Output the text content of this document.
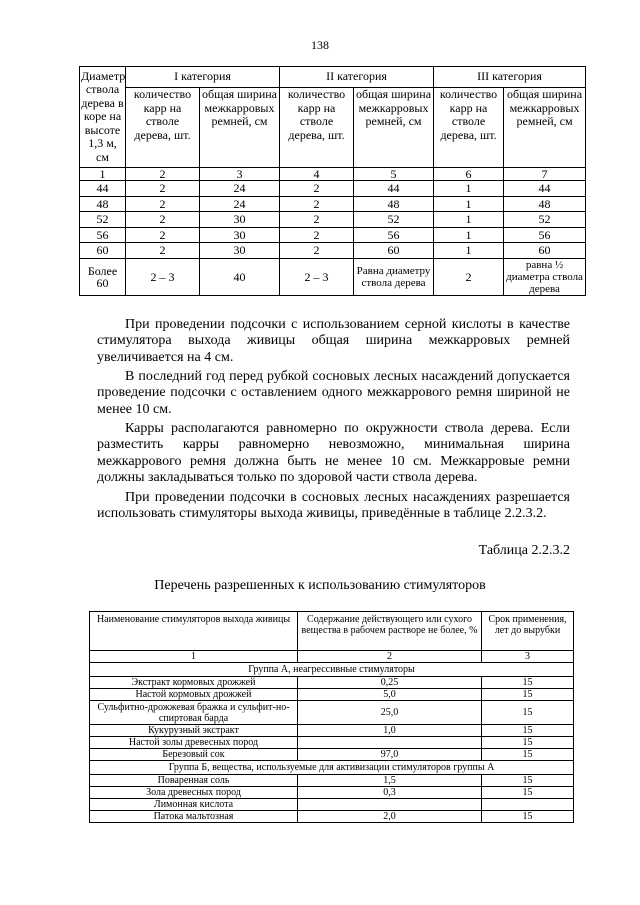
138
Диаметр ствола дерева в коре на высоте 1,3 м, см	I категория		II категория		III категория	
	количество карр на стволе дерева, шт.	общая ширина межкарровых ремней, см	количество карр на стволе дерева, шт.	общая ширина межкарровых ремней, см	количество карр на стволе дерева, шт.	общая ширина межкарровых ремней, см
1	2	3	4	5	6	7
44	2	24	2	44	1	44
48	2	24	2	48	1	48
52	2	30	2	52	1	52
56	2	30	2	56	1	56
60	2	30	2	60	1	60
Более 60	2 – 3	40	2 – 3	Равна диаметру ствола дерева	2	равна ½ диаметра ствола дерева
При проведении подсочки с использованием серной кислоты в качестве стимулятора выхода живицы общая ширина межкарровых ремней увеличивается на 4 см.
В последний год перед рубкой сосновых лесных насаждений допускается проведение подсочки с оставлением одного межкаррового ремня шириной не менее 10 см.
Карры располагаются равномерно по окружности ствола дерева. Если разместить карры равномерно невозможно, минимальная ширина межкаррового ремня должна быть не менее 10 см. Межкарровые ремни должны закладываться только по здоровой части ствола дерева.
При проведении подсочки в сосновых лесных насаждениях разрешается использовать стимуляторы выхода живицы, приведённые в таблице 2.2.3.2.
Таблица 2.2.3.2
Перечень разрешенных к использованию стимуляторов
Наименование стимуляторов выхода живицы	Содержание действующего или сухого вещества в рабочем растворе не более, %	Срок применения, лет до вырубки
1	2	3
Группа А, неагрессивные стимуляторы		
Экстракт кормовых дрожжей	0,25	15
Настой кормовых дрожжей	5,0	15
Сульфитно-дрожжевая бражка и сульфит-но-спиртовая барда	25,0	15
Кукурузный экстракт	1,0	15
Настой золы древесных пород		15
Березовый сок	97,0	15
Группа Б, вещества, используемые для активизации стимуляторов группы А		
Поваренная соль	1,5	15
Зола древесных пород	0,3	15
Лимонная кислота		
Патока мальтозная	2,0	15
